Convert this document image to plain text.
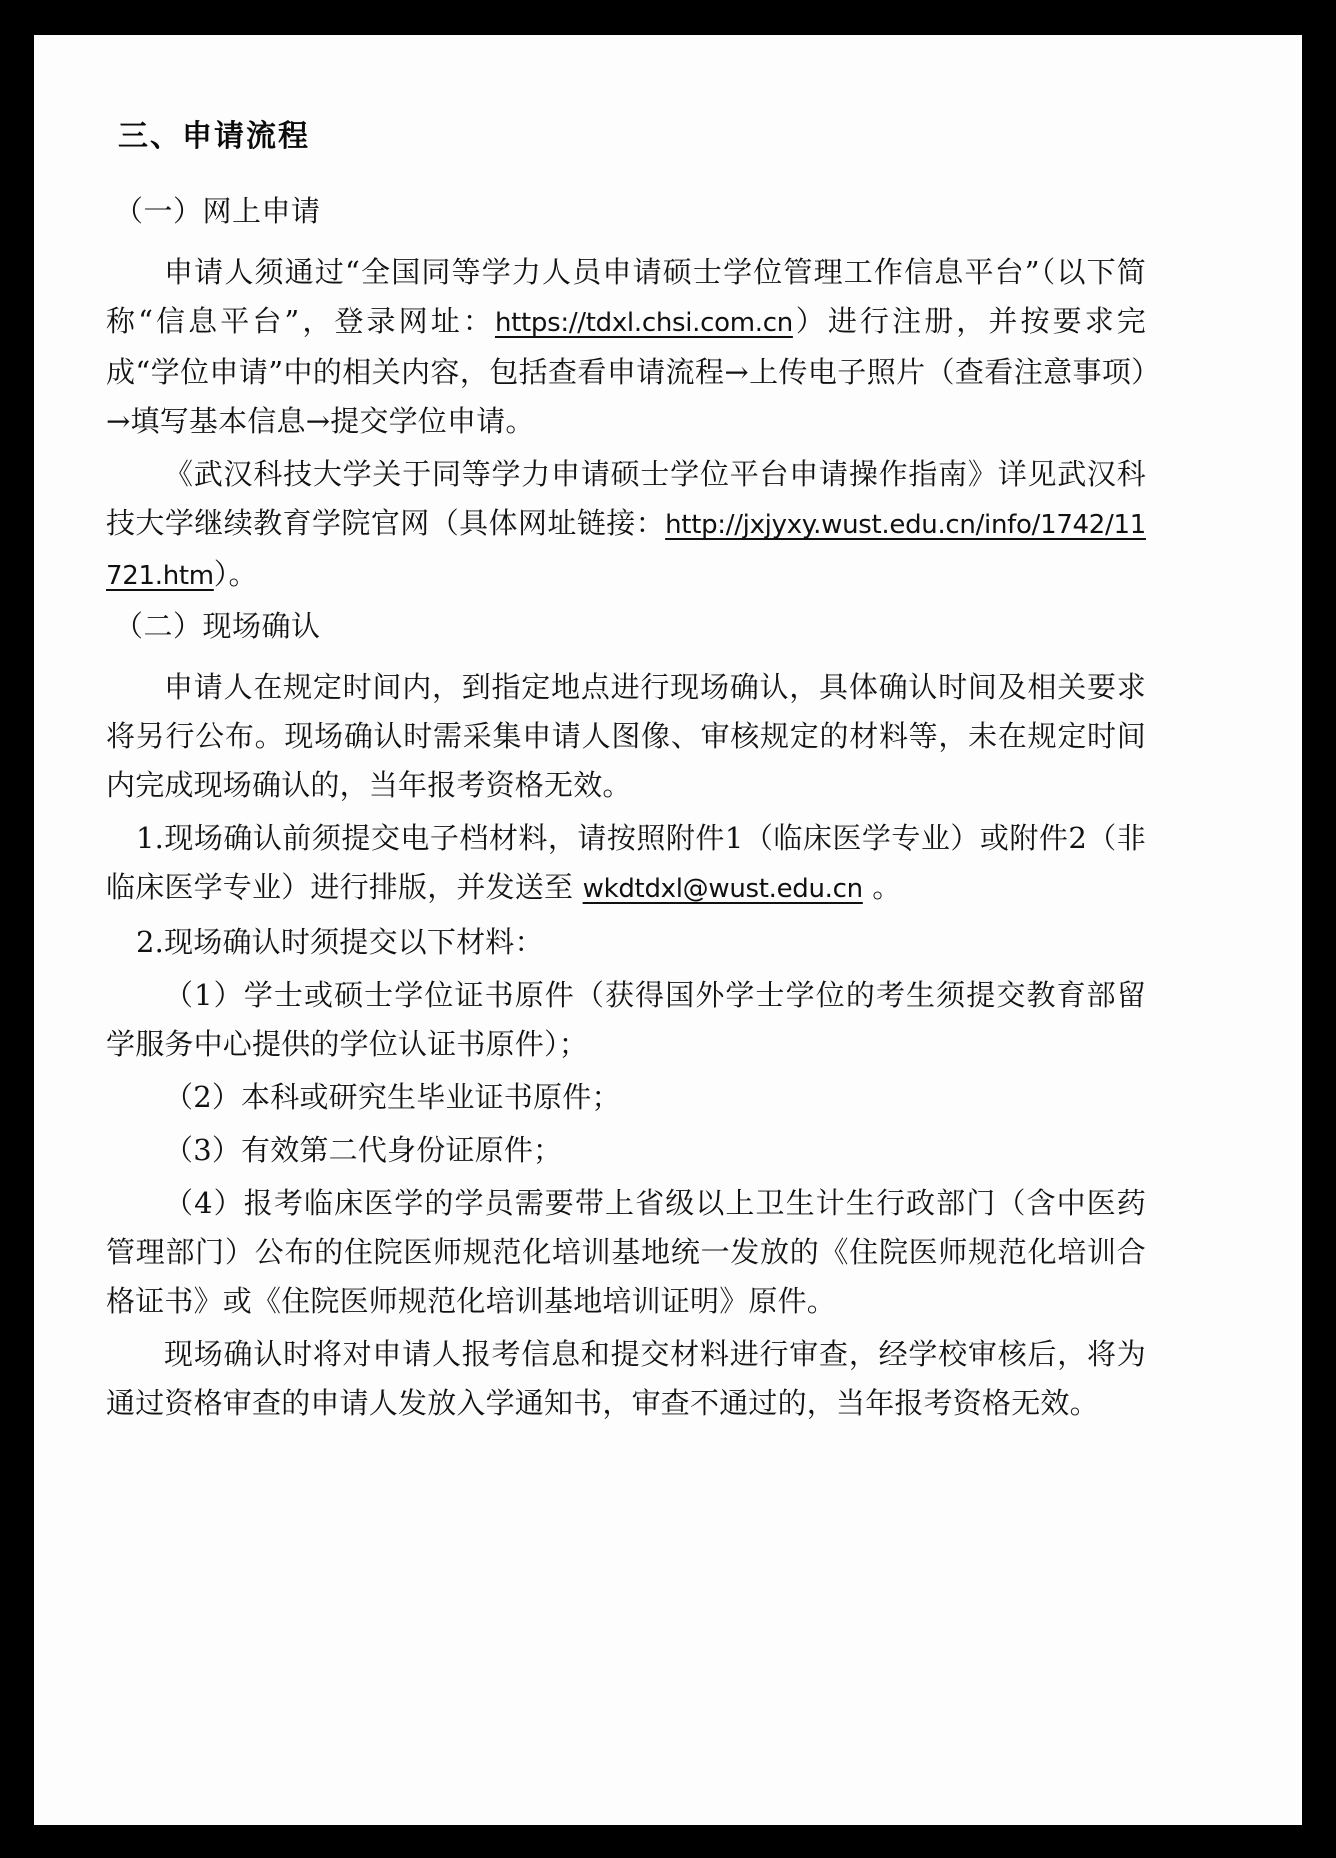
三、申请流程
（一）网上申请

申请人须通过“全国同等学力人员申请硕士学位管理工作信息平台”（以下简称“信息平台”，登录网址：https://tdxl.chsi.com.cn）进行注册，并按要求完成“学位申请”中的相关内容，包括查看申请流程→上传电子照片（查看注意事项）→填写基本信息→提交学位申请。

《武汉科技大学关于同等学力申请硕士学位平台申请操作指南》详见武汉科技大学继续教育学院官网（具体网址链接：http://jxjyxy.wust.edu.cn/info/1742/11721.htm）。

（二）现场确认

申请人在规定时间内，到指定地点进行现场确认，具体确认时间及相关要求将另行公布。现场确认时需采集申请人图像、审核规定的材料等，未在规定时间内完成现场确认的，当年报考资格无效。

1.现场确认前须提交电子档材料，请按照附件1（临床医学专业）或附件2（非临床医学专业）进行排版，并发送至 wkdtdxl@wust.edu.cn 。

2.现场确认时须提交以下材料：

（1）学士或硕士学位证书原件（获得国外学士学位的考生须提交教育部留学服务中心提供的学位认证书原件）；

（2）本科或研究生毕业证书原件；

（3）有效第二代身份证原件；

（4）报考临床医学的学员需要带上省级以上卫生计生行政部门（含中医药管理部门）公布的住院医师规范化培训基地统一发放的《住院医师规范化培训合格证书》或《住院医师规范化培训基地培训证明》原件。

现场确认时将对申请人报考信息和提交材料进行审查，经学校审核后，将为通过资格审查的申请人发放入学通知书，审查不通过的，当年报考资格无效。
